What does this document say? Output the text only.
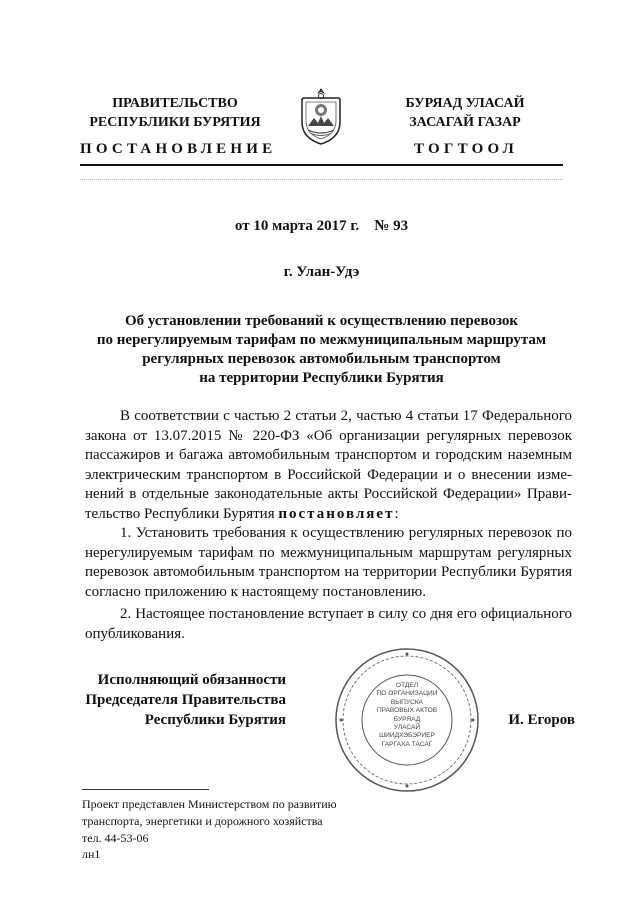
ПРАВИТЕЛЬСТВО
РЕСПУБЛИКИ БУРЯТИЯ
ПОСТАНОВЛЕНИЕ
БУРЯАД УЛАСАЙ
ЗАСАГАЙ ГАЗАР
ТОГТООЛ
от 10 марта 2017 г.    № 93
г. Улан-Удэ
Об установлении требований к осуществлению перевозок
по нерегулируемым тарифам по межмуниципальным маршрутам
регулярных перевозок автомобильным транспортом
на территории Республики Бурятия
В соответствии с частью 2 статьи 2, частью 4 статьи 17 Федерального закона от 13.07.2015 № 220-ФЗ «Об организации регулярных перевозок пассажиров и багажа автомобильным транспортом и городским наземным электрическим транспортом в Российской Федерации и о внесении изменений в отдельные законодательные акты Российской Федерации» Правительство Республики Бурятия постановляет:
1. Установить требования к осуществлению регулярных перевозок по нерегулируемым тарифам по межмуниципальным маршрутам регулярных перевозок автомобильным транспортом на территории Республики Бурятия согласно приложению к настоящему постановлению.
2. Настоящее постановление вступает в силу со дня его официального опубликования.
Исполняющий обязанности
Председателя Правительства
Республики Бурятия
ОТДЕЛ
ПО ОРГАНИЗАЦИИ
ВЫПУСКА
ПРАВОВЫХ АКТОВ
БУРЯАД
УЛАСАЙ
ШИИДХЭБЭРИЕР
ГАРГАХА ТАСАГ
И. Егоров
Проект представлен Министерством по развитию
транспорта, энергетики и дорожного хозяйства
тел. 44-53-06
лн1
